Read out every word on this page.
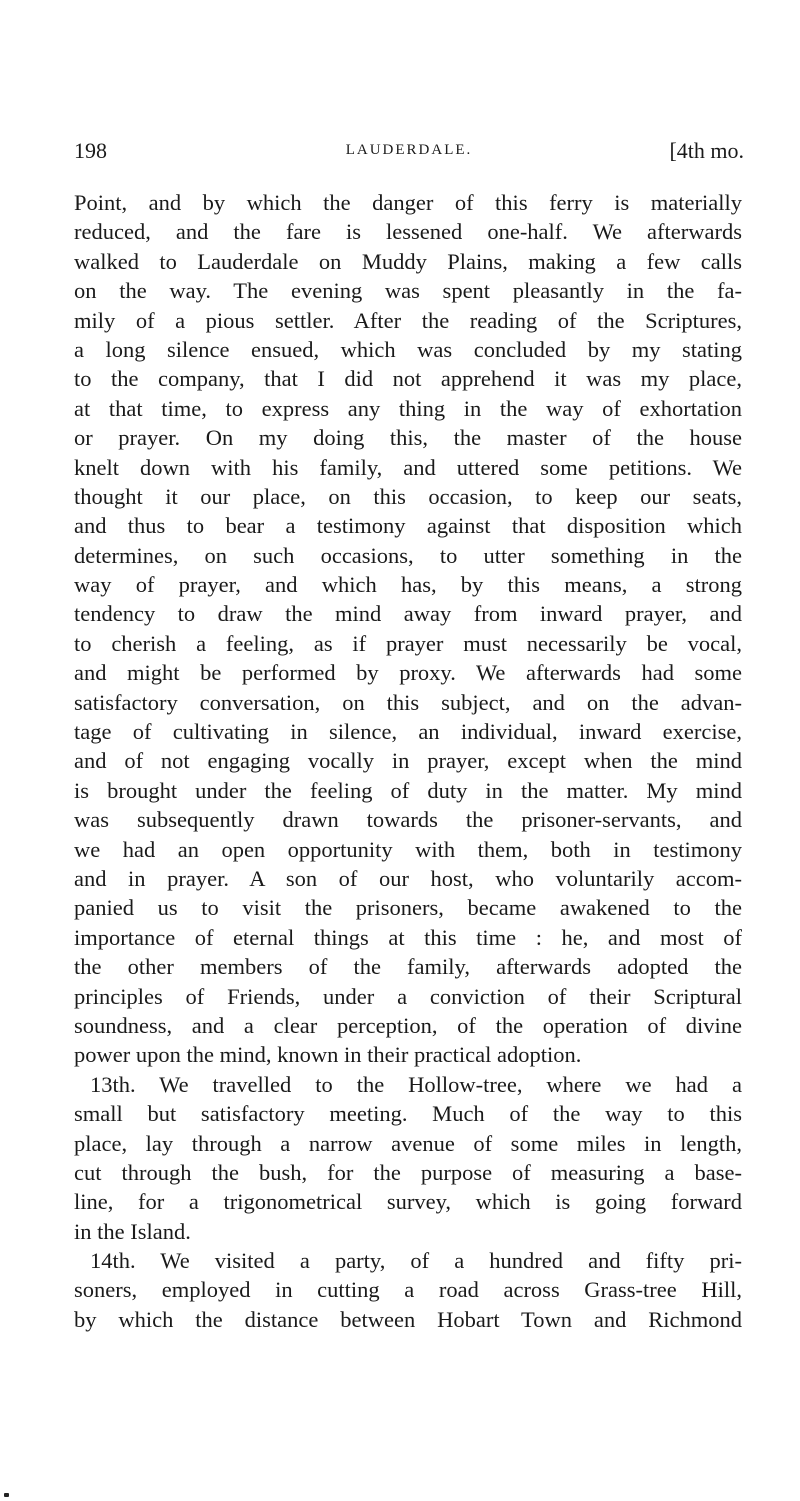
198	LAUDERDALE.	[4th mo.
Point, and by which the danger of this ferry is materially
reduced, and the fare is lessened one-half. We afterwards
walked to Lauderdale on Muddy Plains, making a few calls
on the way. The evening was spent pleasantly in the fa-
mily of a pious settler. After the reading of the Scriptures,
a long silence ensued, which was concluded by my stating
to the company, that I did not apprehend it was my place,
at that time, to express any thing in the way of exhortation
or prayer. On my doing this, the master of the house
knelt down with his family, and uttered some petitions. We
thought it our place, on this occasion, to keep our seats,
and thus to bear a testimony against that disposition which
determines, on such occasions, to utter something in the
way of prayer, and which has, by this means, a strong
tendency to draw the mind away from inward prayer, and
to cherish a feeling, as if prayer must necessarily be vocal,
and might be performed by proxy. We afterwards had some
satisfactory conversation, on this subject, and on the advan-
tage of cultivating in silence, an individual, inward exercise,
and of not engaging vocally in prayer, except when the mind
is brought under the feeling of duty in the matter. My mind
was subsequently drawn towards the prisoner-servants, and
we had an open opportunity with them, both in testimony
and in prayer. A son of our host, who voluntarily accom-
panied us to visit the prisoners, became awakened to the
importance of eternal things at this time : he, and most of
the other members of the family, afterwards adopted the
principles of Friends, under a conviction of their Scriptural
soundness, and a clear perception, of the operation of divine
power upon the mind, known in their practical adoption.
13th. We travelled to the Hollow-tree, where we had a
small but satisfactory meeting. Much of the way to this
place, lay through a narrow avenue of some miles in length,
cut through the bush, for the purpose of measuring a base-
line, for a trigonometrical survey, which is going forward
in the Island.
14th. We visited a party, of a hundred and fifty pri-
soners, employed in cutting a road across Grass-tree Hill,
by which the distance between Hobart Town and Richmond
